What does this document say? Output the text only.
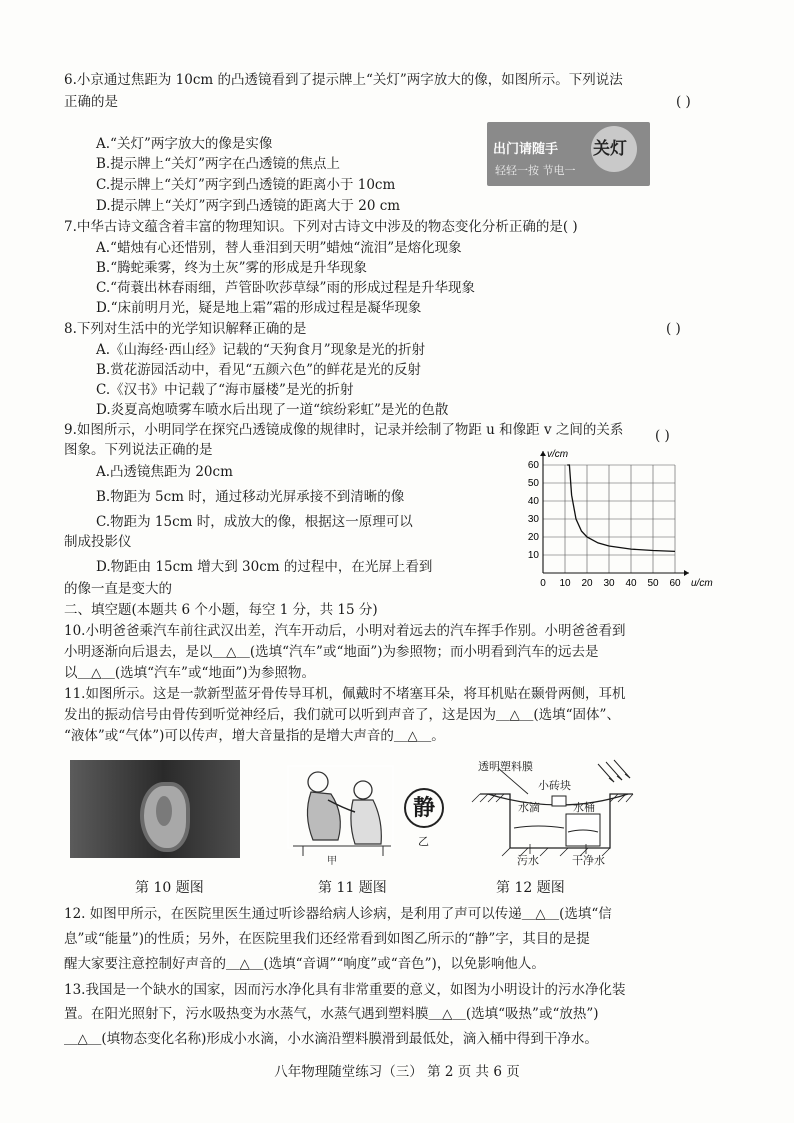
6.小京通过焦距为 10cm 的凸透镜看到了提示牌上“关灯”两字放大的像，如图所示。下列说法
正确的是	( )
A.“关灯”两字放大的像是实像
B.提示牌上“关灯”两字在凸透镜的焦点上
C.提示牌上“关灯”两字到凸透镜的距离小于 10cm
D.提示牌上“关灯”两字到凸透镜的距离大于 20 cm
出门请随手 关灯
轻轻一按 节电一
7.中华古诗文蕴含着丰富的物理知识。下列对古诗文中涉及的物态变化分析正确的是( )
A.“蜡烛有心还惜别，替人垂泪到天明”蜡烛“流泪”是熔化现象
B.“腾蛇乘雾，终为土灰”雾的形成是升华现象
C.“荷蓑出林春雨细，芦管卧吹莎草绿”雨的形成过程是升华现象
D.“床前明月光，疑是地上霜”霜的形成过程是凝华现象
8.下列对生活中的光学知识解释正确的是	( )
A.《山海经·西山经》记载的“天狗食月”现象是光的折射
B.赏花游园活动中，看见“五颜六色”的鲜花是光的反射
C.《汉书》中记载了“海市蜃楼”是光的折射
D.炎夏高炮喷雾车喷水后出现了一道“缤纷彩虹”是光的色散
9.如图所示，小明同学在探究凸透镜成像的规律时，记录并绘制了物距 u 和像距 v 之间的关系
图象。下列说法正确的是
( )
A.凸透镜焦距为 20cm
B.物距为 5cm 时，通过移动光屏承接不到清晰的像
C.物距为 15cm 时，成放大的像，根据这一原理可以
制成投影仪
D.物距由 15cm 增大到 30cm 的过程中，在光屏上看到
的像一直是变大的	0 10 20 30 40 50 60
10
20
30
40
50
60
u/cm
v/cm
二、填空题(本题共 6 个小题，每空 1 分，共 15 分)
10.小明爸爸乘汽车前往武汉出差，汽车开动后，小明对着远去的汽车挥手作别。小明爸爸看到
小明逐渐向后退去，是以＿△＿(选填“汽车”或“地面”)为参照物；而小明看到汽车的远去是
以＿△＿(选填“汽车”或“地面”)为参照物。
11.如图所示。这是一款新型蓝牙骨传导耳机，佩戴时不堵塞耳朵，将耳机贴在颞骨两侧，耳机
发出的振动信号由骨传到听觉神经后，我们就可以听到声音了，这是因为＿△＿(选填“固体”、
“液体”或“气体”)可以传声，增大音量指的是增大声音的＿△＿。
甲
静
乙
透明塑料膜
小砖块
水滴	水桶
污水	干净水
第 10 题图	第 11 题图	第 12 题图
12. 如图甲所示，在医院里医生通过听诊器给病人诊病，是利用了声可以传递＿△＿(选填“信
息”或“能量”)的性质；另外，在医院里我们还经常看到如图乙所示的“静”字，其目的是提
醒大家要注意控制好声音的＿△＿(选填“音调”“响度”或“音色”)，以免影响他人。
13.我国是一个缺水的国家，因而污水净化具有非常重要的意义，如图为小明设计的污水净化装
置。在阳光照射下，污水吸热变为水蒸气，水蒸气遇到塑料膜＿△＿(选填“吸热”或“放热”)
＿△＿(填物态变化名称)形成小水滴，小水滴沿塑料膜滑到最低处，滴入桶中得到干净水。
八年物理随堂练习（三） 第 2 页 共 6 页
